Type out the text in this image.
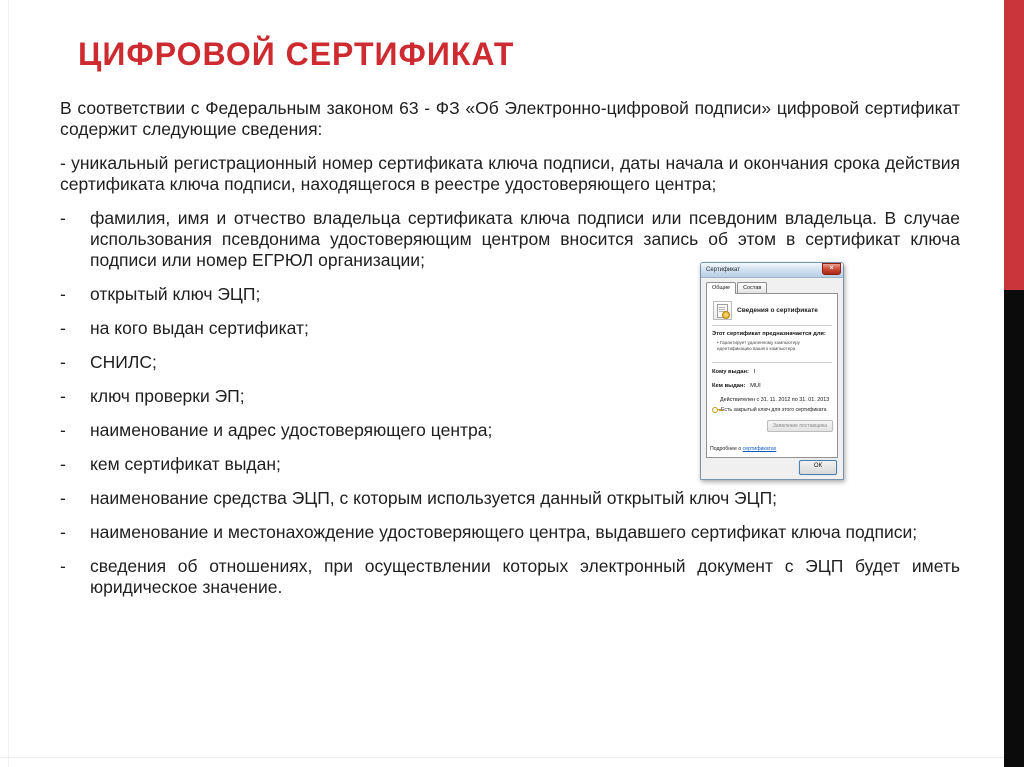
ЦИФРОВОЙ СЕРТИФИКАТ

В соответствии с Федеральным законом 63 - ФЗ «Об Электронно-цифровой подписи» цифровой сертификат содержит следующие сведения:

- уникальный регистрационный номер сертификата ключа подписи, даты начала и окончания срока действия сертификата ключа подписи, находящегося в реестре удостоверяющего центра;

-	фамилия, имя и отчество владельца сертификата ключа подписи или псевдоним владельца. В случае использования псевдонима удостоверяющим центром вносится запись об этом в сертификат ключа подписи или номер ЕГРЮЛ организации;
-	открытый ключ ЭЦП;
-	на кого выдан сертификат;
-	СНИЛС;
-	ключ проверки ЭП;
-	наименование и адрес удостоверяющего центра;
-	кем сертификат выдан;
-	наименование средства ЭЦП, с которым используется данный открытый ключ ЭЦП;
-	наименование и местонахождение удостоверяющего центра, выдавшего сертификат ключа подписи;
-	сведения об отношениях, при осуществлении которых электронный документ с ЭЦП будет иметь юридическое значение.
Сертификат	×
Общие	Состав
Сведения о сертификате
Этот сертификат предназначается для:
• Гарантирует удаленному компьютеру идентификацию вашего компьютера
Кому выдан: I
Кем выдан: MUI
Действителен с 31. 11. 2012 по 31. 01. 2013
Есть закрытый ключ для этого сертификата
Заявление поставщика
Подробнее о сертификатах
ОК
